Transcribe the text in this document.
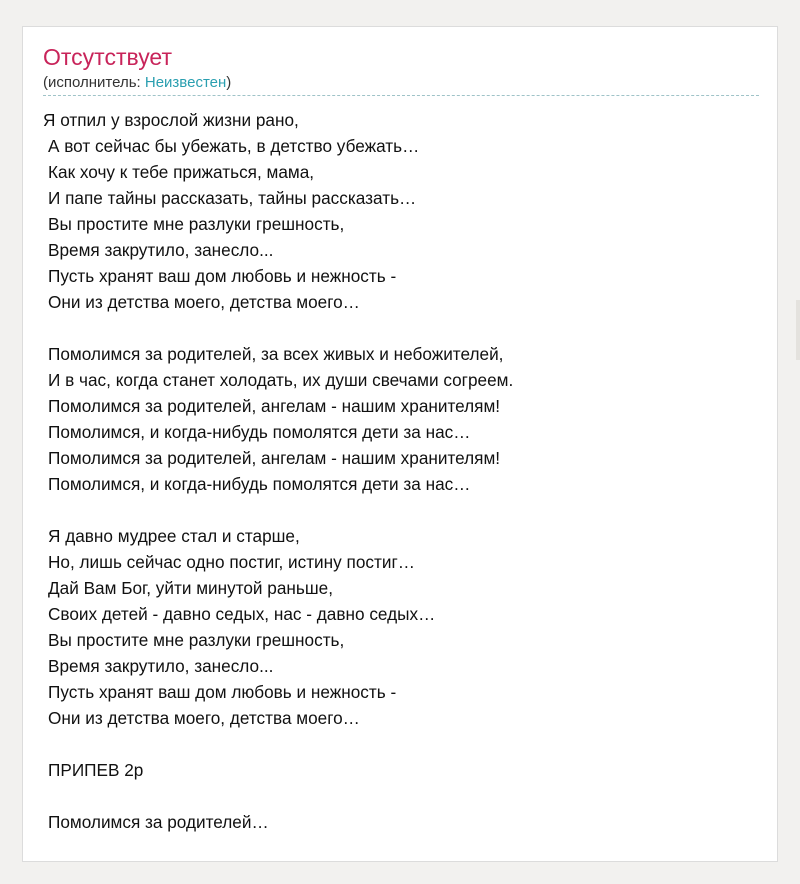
Отсутствует
(исполнитель: Неизвестен)
Я отпил у взрослой жизни рано,
А вот сейчас бы убежать, в детство убежать…
Как хочу к тебе прижаться, мама,
И папе тайны рассказать, тайны рассказать…
Вы простите мне разлуки грешность,
Время закрутило, занесло...
Пусть хранят ваш дом любовь и нежность -
Они из детства моего, детства моего…
Помолимся за родителей, за всех живых и небожителей,
И в час, когда станет холодать, их души свечами согреем.
Помолимся за родителей, ангелам - нашим хранителям!
Помолимся, и когда-нибудь помолятся дети за нас…
Помолимся за родителей, ангелам - нашим хранителям!
Помолимся, и когда-нибудь помолятся дети за нас…
Я давно мудрее стал и старше,
Но, лишь сейчас одно постиг, истину постиг…
Дай Вам Бог, уйти минутой раньше,
Своих детей - давно седых, нас - давно седых…
Вы простите мне разлуки грешность,
Время закрутило, занесло...
Пусть хранят ваш дом любовь и нежность -
Они из детства моего, детства моего…
ПРИПЕВ 2р
Помолимся за родителей…
